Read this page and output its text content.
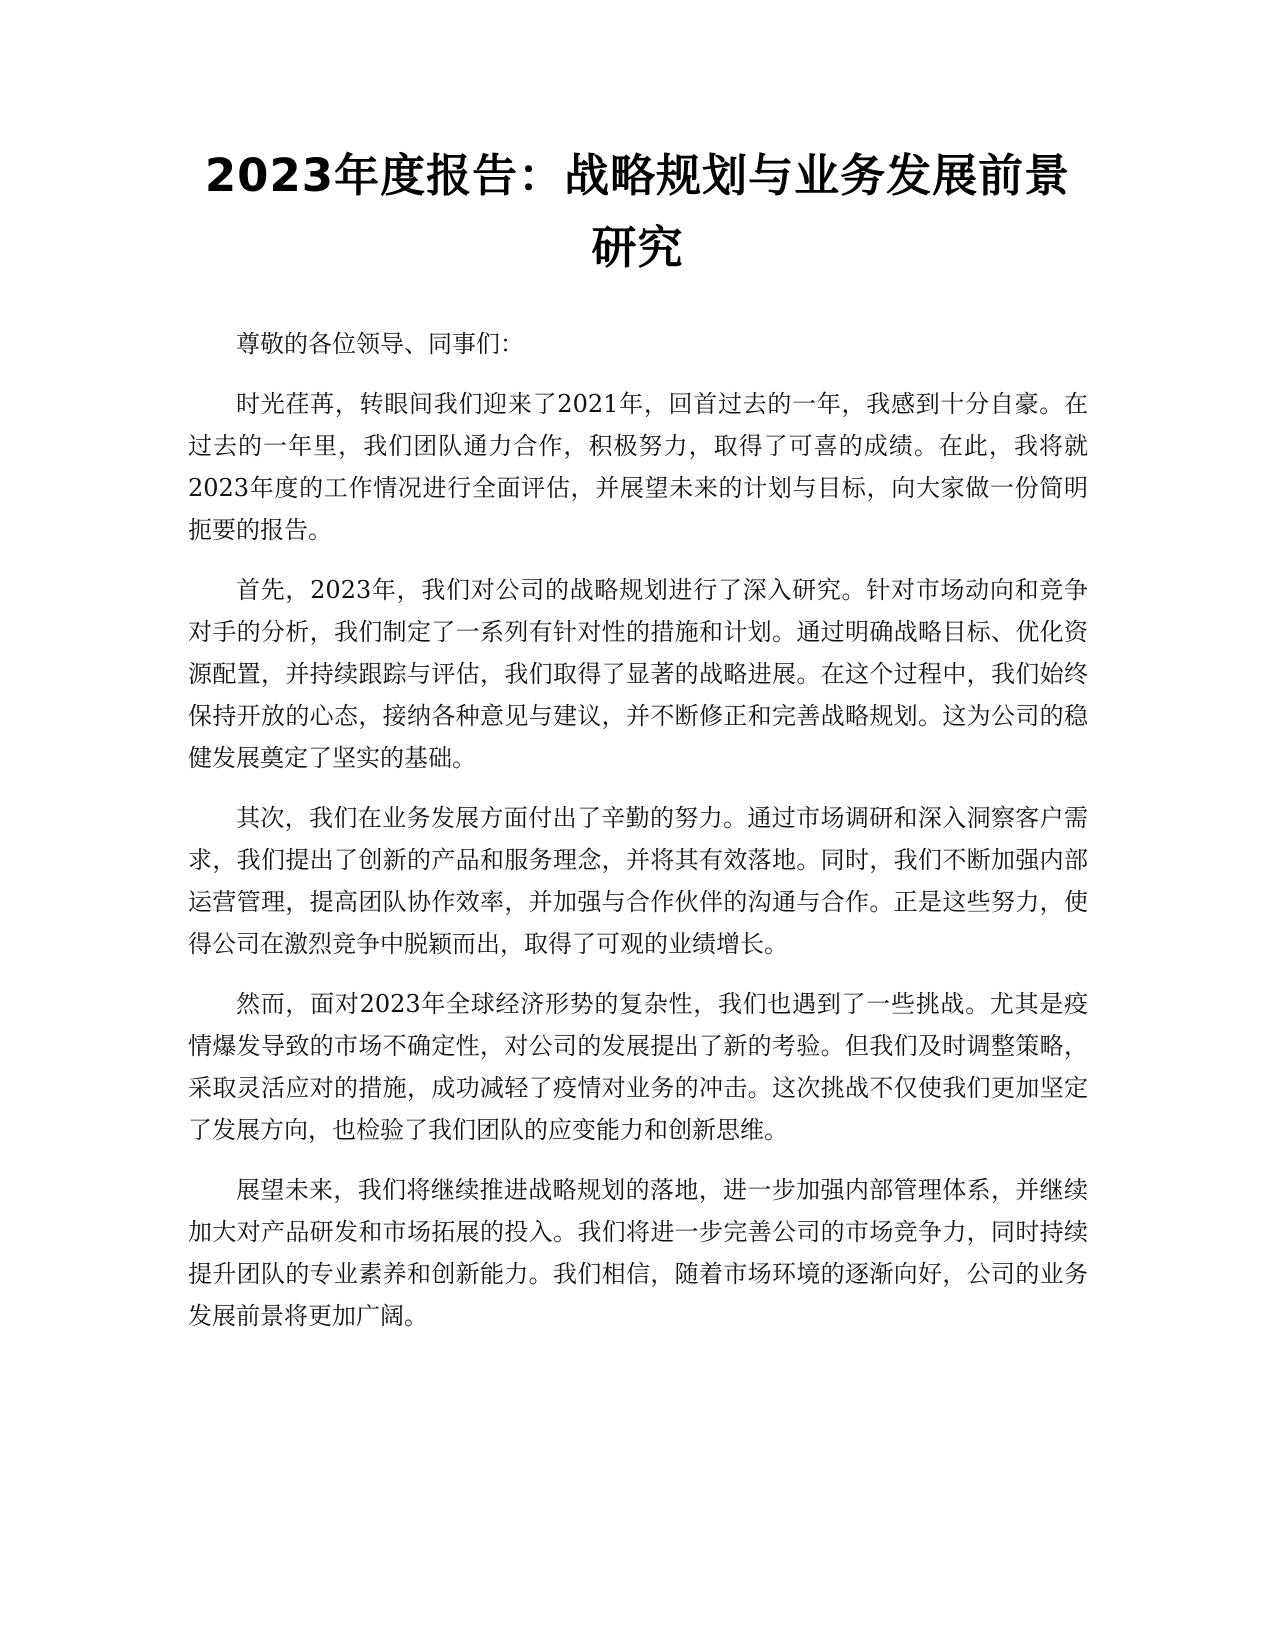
2023年度报告：战略规划与业务发展前景研究

尊敬的各位领导、同事们：

时光荏苒，转眼间我们迎来了2021年，回首过去的一年，我感到十分自豪。在过去的一年里，我们团队通力合作，积极努力，取得了可喜的成绩。在此，我将就2023年度的工作情况进行全面评估，并展望未来的计划与目标，向大家做一份简明扼要的报告。

首先，2023年，我们对公司的战略规划进行了深入研究。针对市场动向和竞争对手的分析，我们制定了一系列有针对性的措施和计划。通过明确战略目标、优化资源配置，并持续跟踪与评估，我们取得了显著的战略进展。在这个过程中，我们始终保持开放的心态，接纳各种意见与建议，并不断修正和完善战略规划。这为公司的稳健发展奠定了坚实的基础。

其次，我们在业务发展方面付出了辛勤的努力。通过市场调研和深入洞察客户需求，我们提出了创新的产品和服务理念，并将其有效落地。同时，我们不断加强内部运营管理，提高团队协作效率，并加强与合作伙伴的沟通与合作。正是这些努力，使得公司在激烈竞争中脱颖而出，取得了可观的业绩增长。

然而，面对2023年全球经济形势的复杂性，我们也遇到了一些挑战。尤其是疫情爆发导致的市场不确定性，对公司的发展提出了新的考验。但我们及时调整策略，采取灵活应对的措施，成功减轻了疫情对业务的冲击。这次挑战不仅使我们更加坚定了发展方向，也检验了我们团队的应变能力和创新思维。

展望未来，我们将继续推进战略规划的落地，进一步加强内部管理体系，并继续加大对产品研发和市场拓展的投入。我们将进一步完善公司的市场竞争力，同时持续提升团队的专业素养和创新能力。我们相信，随着市场环境的逐渐向好，公司的业务发展前景将更加广阔。
